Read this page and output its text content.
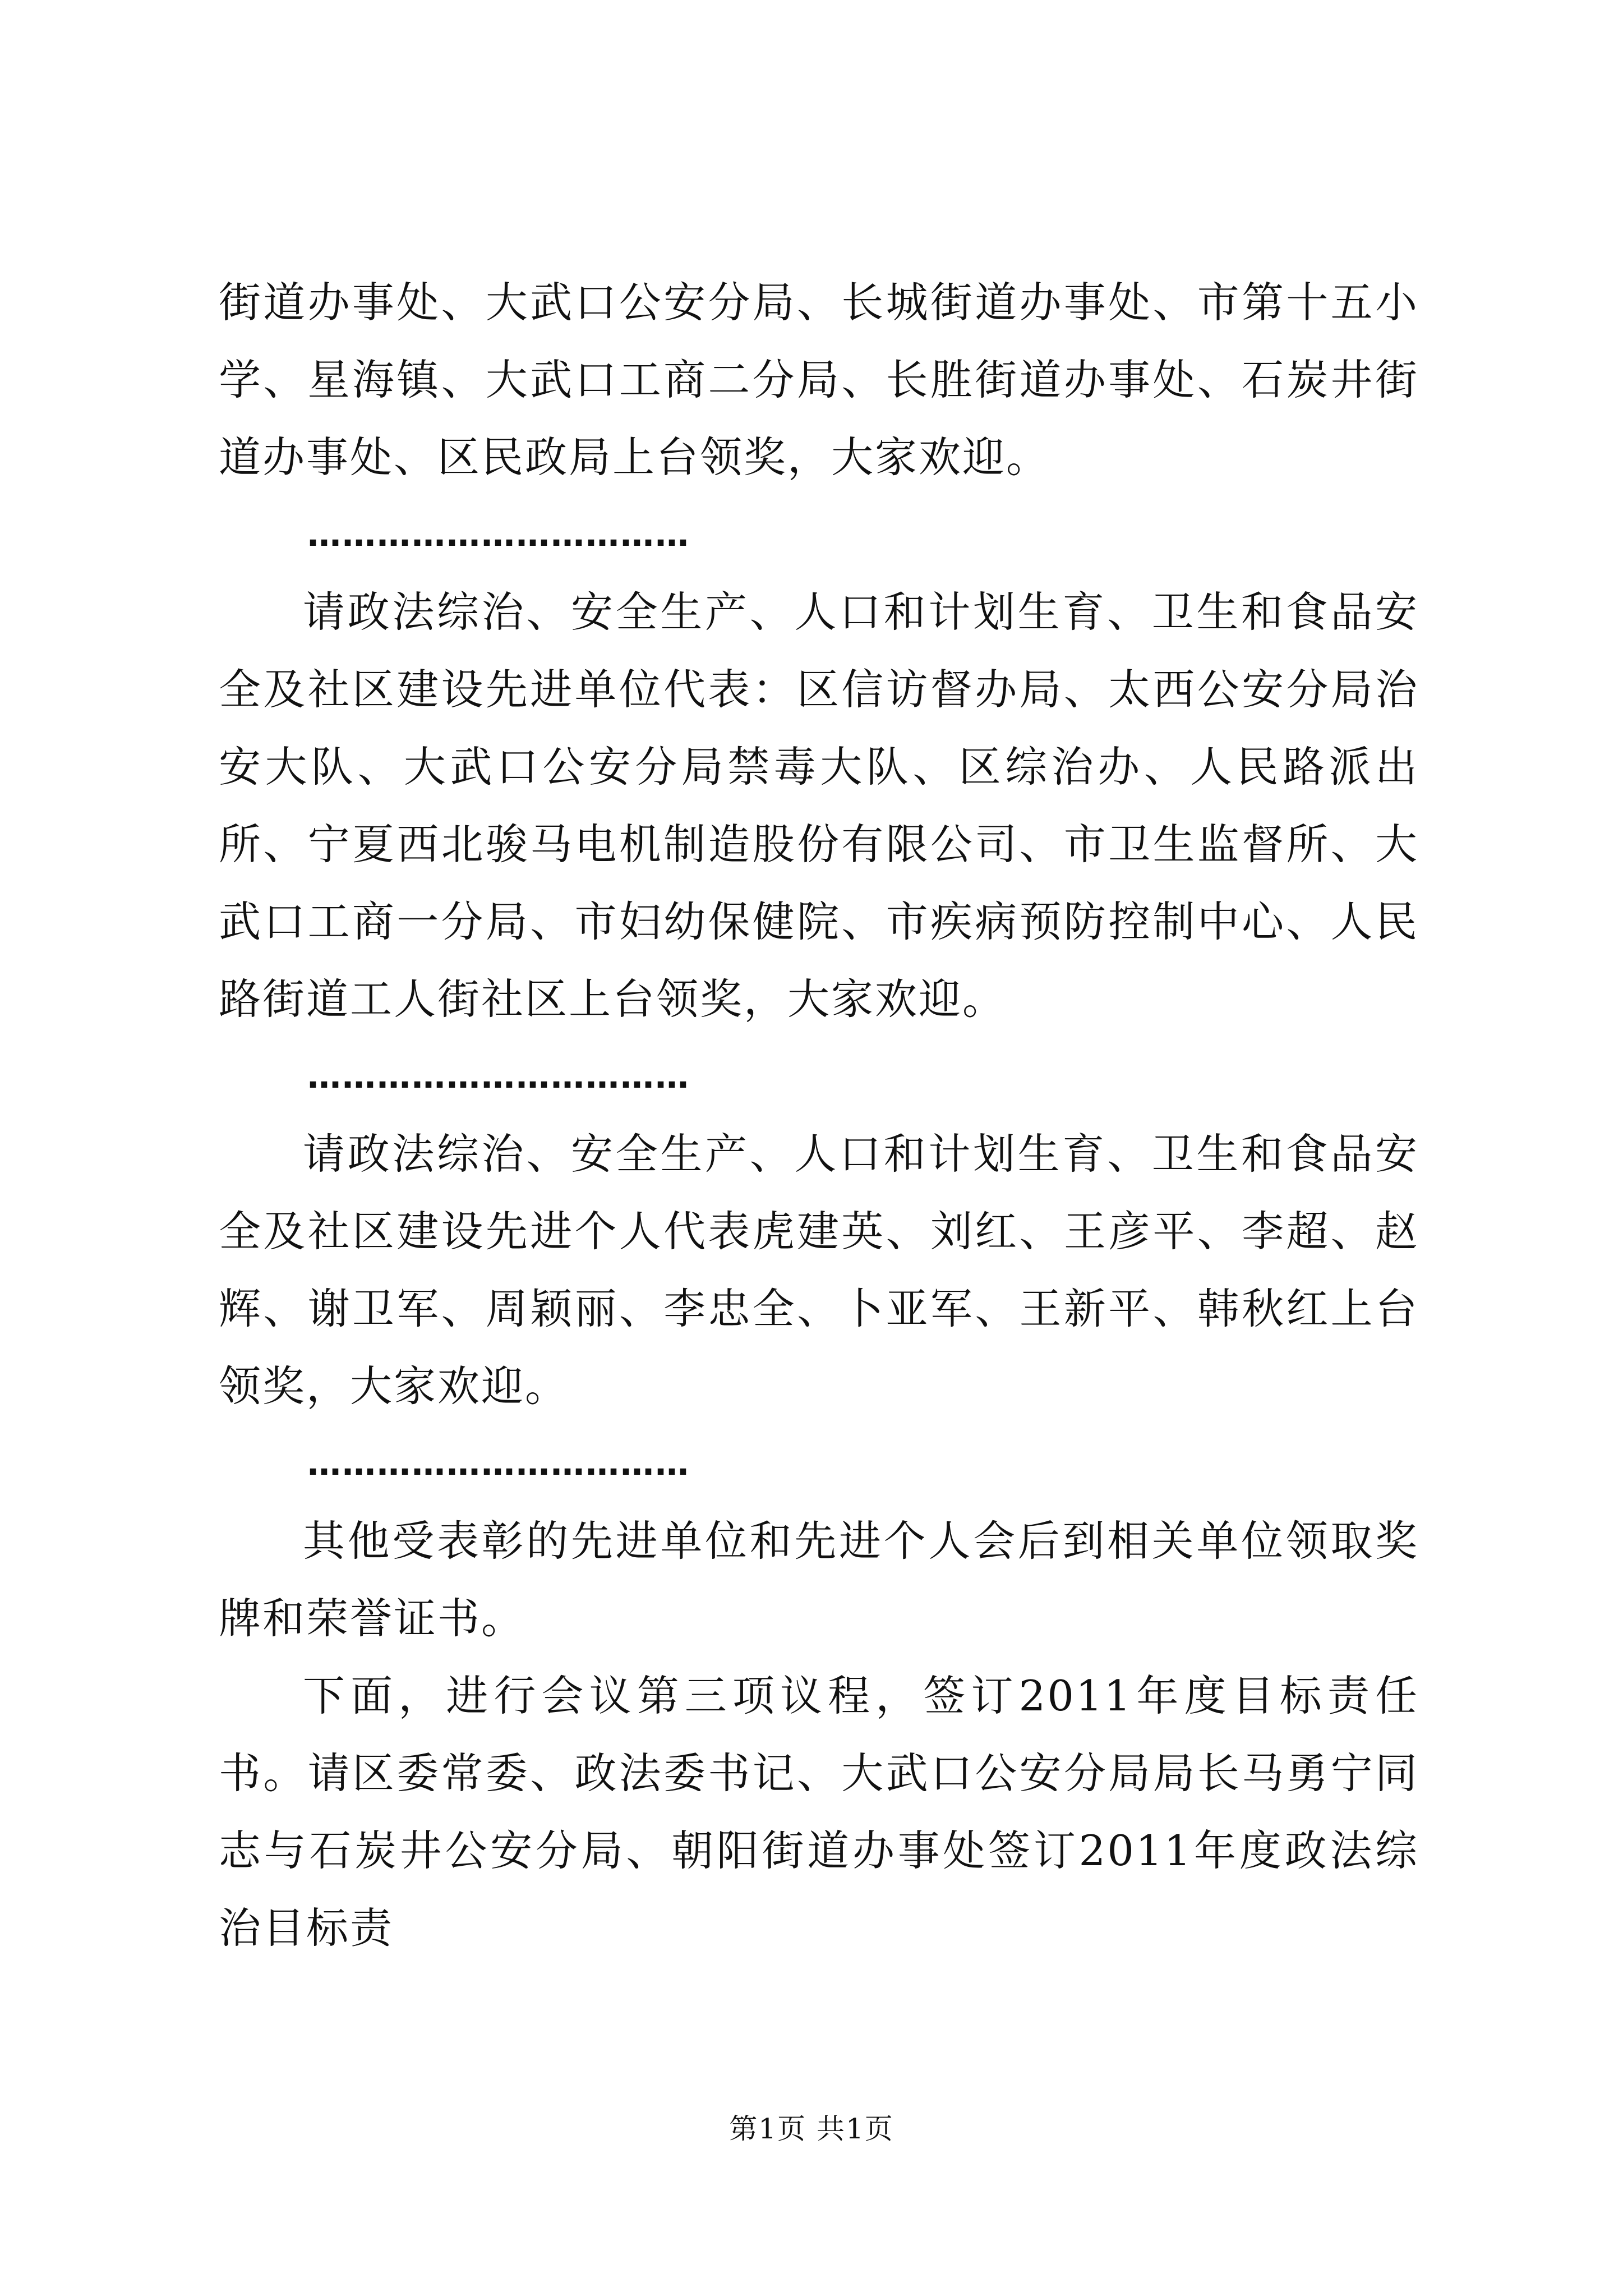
街道办事处、大武口公安分局、长城街道办事处、市第十五小学、星海镇、大武口工商二分局、长胜街道办事处、石炭井街道办事处、区民政局上台领奖，大家欢迎。

……………………………

请政法综治、安全生产、人口和计划生育、卫生和食品安全及社区建设先进单位代表：区信访督办局、太西公安分局治安大队、大武口公安分局禁毒大队、区综治办、人民路派出所、宁夏西北骏马电机制造股份有限公司、市卫生监督所、大武口工商一分局、市妇幼保健院、市疾病预防控制中心、人民路街道工人街社区上台领奖，大家欢迎。

……………………………

请政法综治、安全生产、人口和计划生育、卫生和食品安全及社区建设先进个人代表虎建英、刘红、王彦平、李超、赵辉、谢卫军、周颖丽、李忠全、卜亚军、王新平、韩秋红上台领奖，大家欢迎。

……………………………

其他受表彰的先进单位和先进个人会后到相关单位领取奖牌和荣誉证书。

下面，进行会议第三项议程，签订2011年度目标责任书。请区委常委、政法委书记、大武口公安分局局长马勇宁同志与石炭井公安分局、朝阳街道办事处签订2011年度政法综治目标责

第1页 共1页
